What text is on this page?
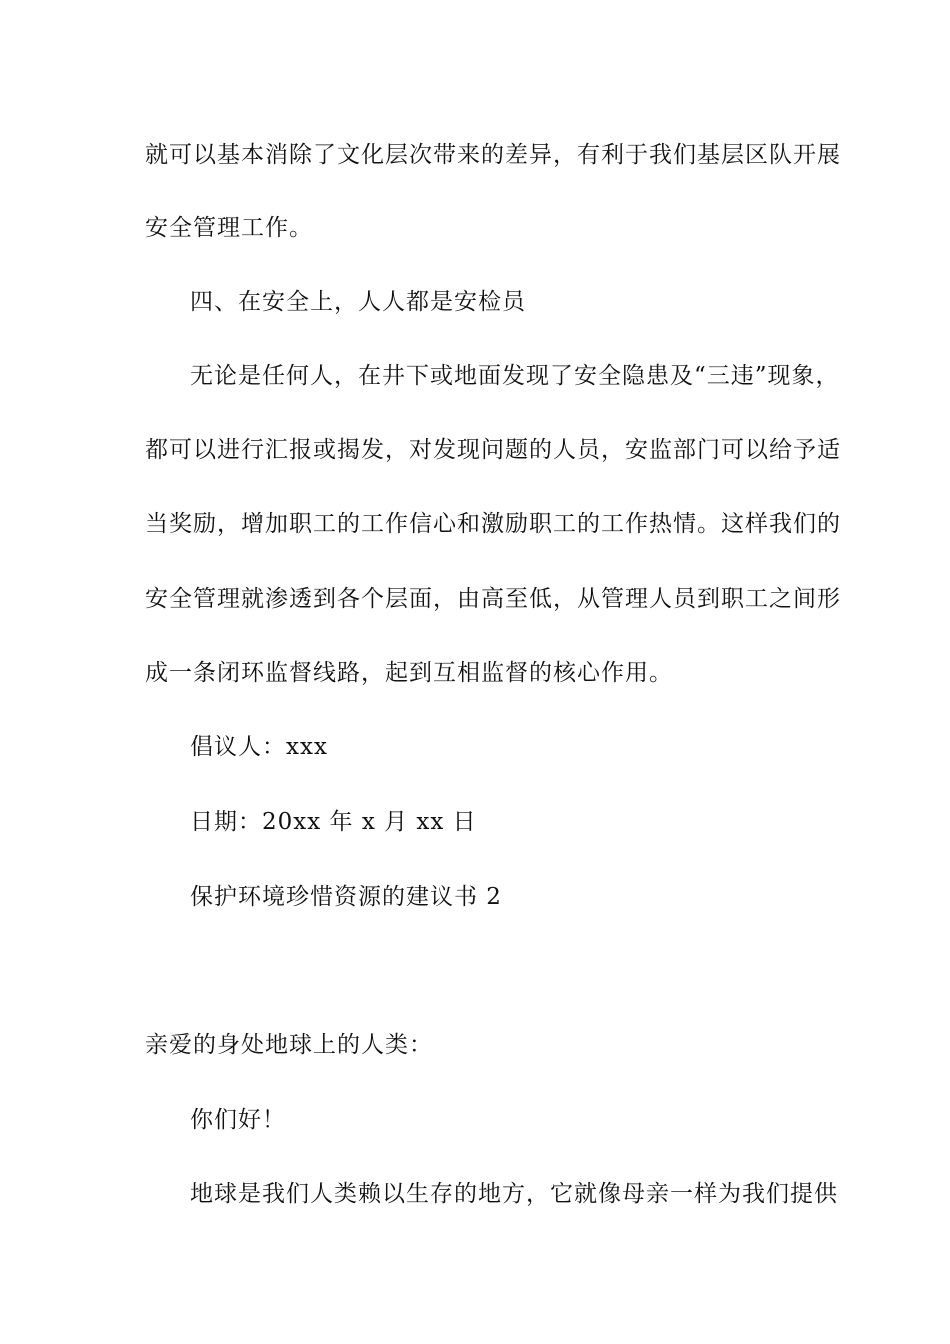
就可以基本消除了文化层次带来的差异，有利于我们基层区队开展
安全管理工作。
四、在安全上，人人都是安检员
无论是任何人，在井下或地面发现了安全隐患及“三违”现象，
都可以进行汇报或揭发，对发现问题的人员，安监部门可以给予适
当奖励，增加职工的工作信心和激励职工的工作热情。这样我们的
安全管理就渗透到各个层面，由高至低，从管理人员到职工之间形
成一条闭环监督线路，起到互相监督的核心作用。
倡议人：xxx
日期：20xx 年 x 月 xx 日
保护环境珍惜资源的建议书 2
亲爱的身处地球上的人类：
你们好！
地球是我们人类赖以生存的地方，它就像母亲一样为我们提供
